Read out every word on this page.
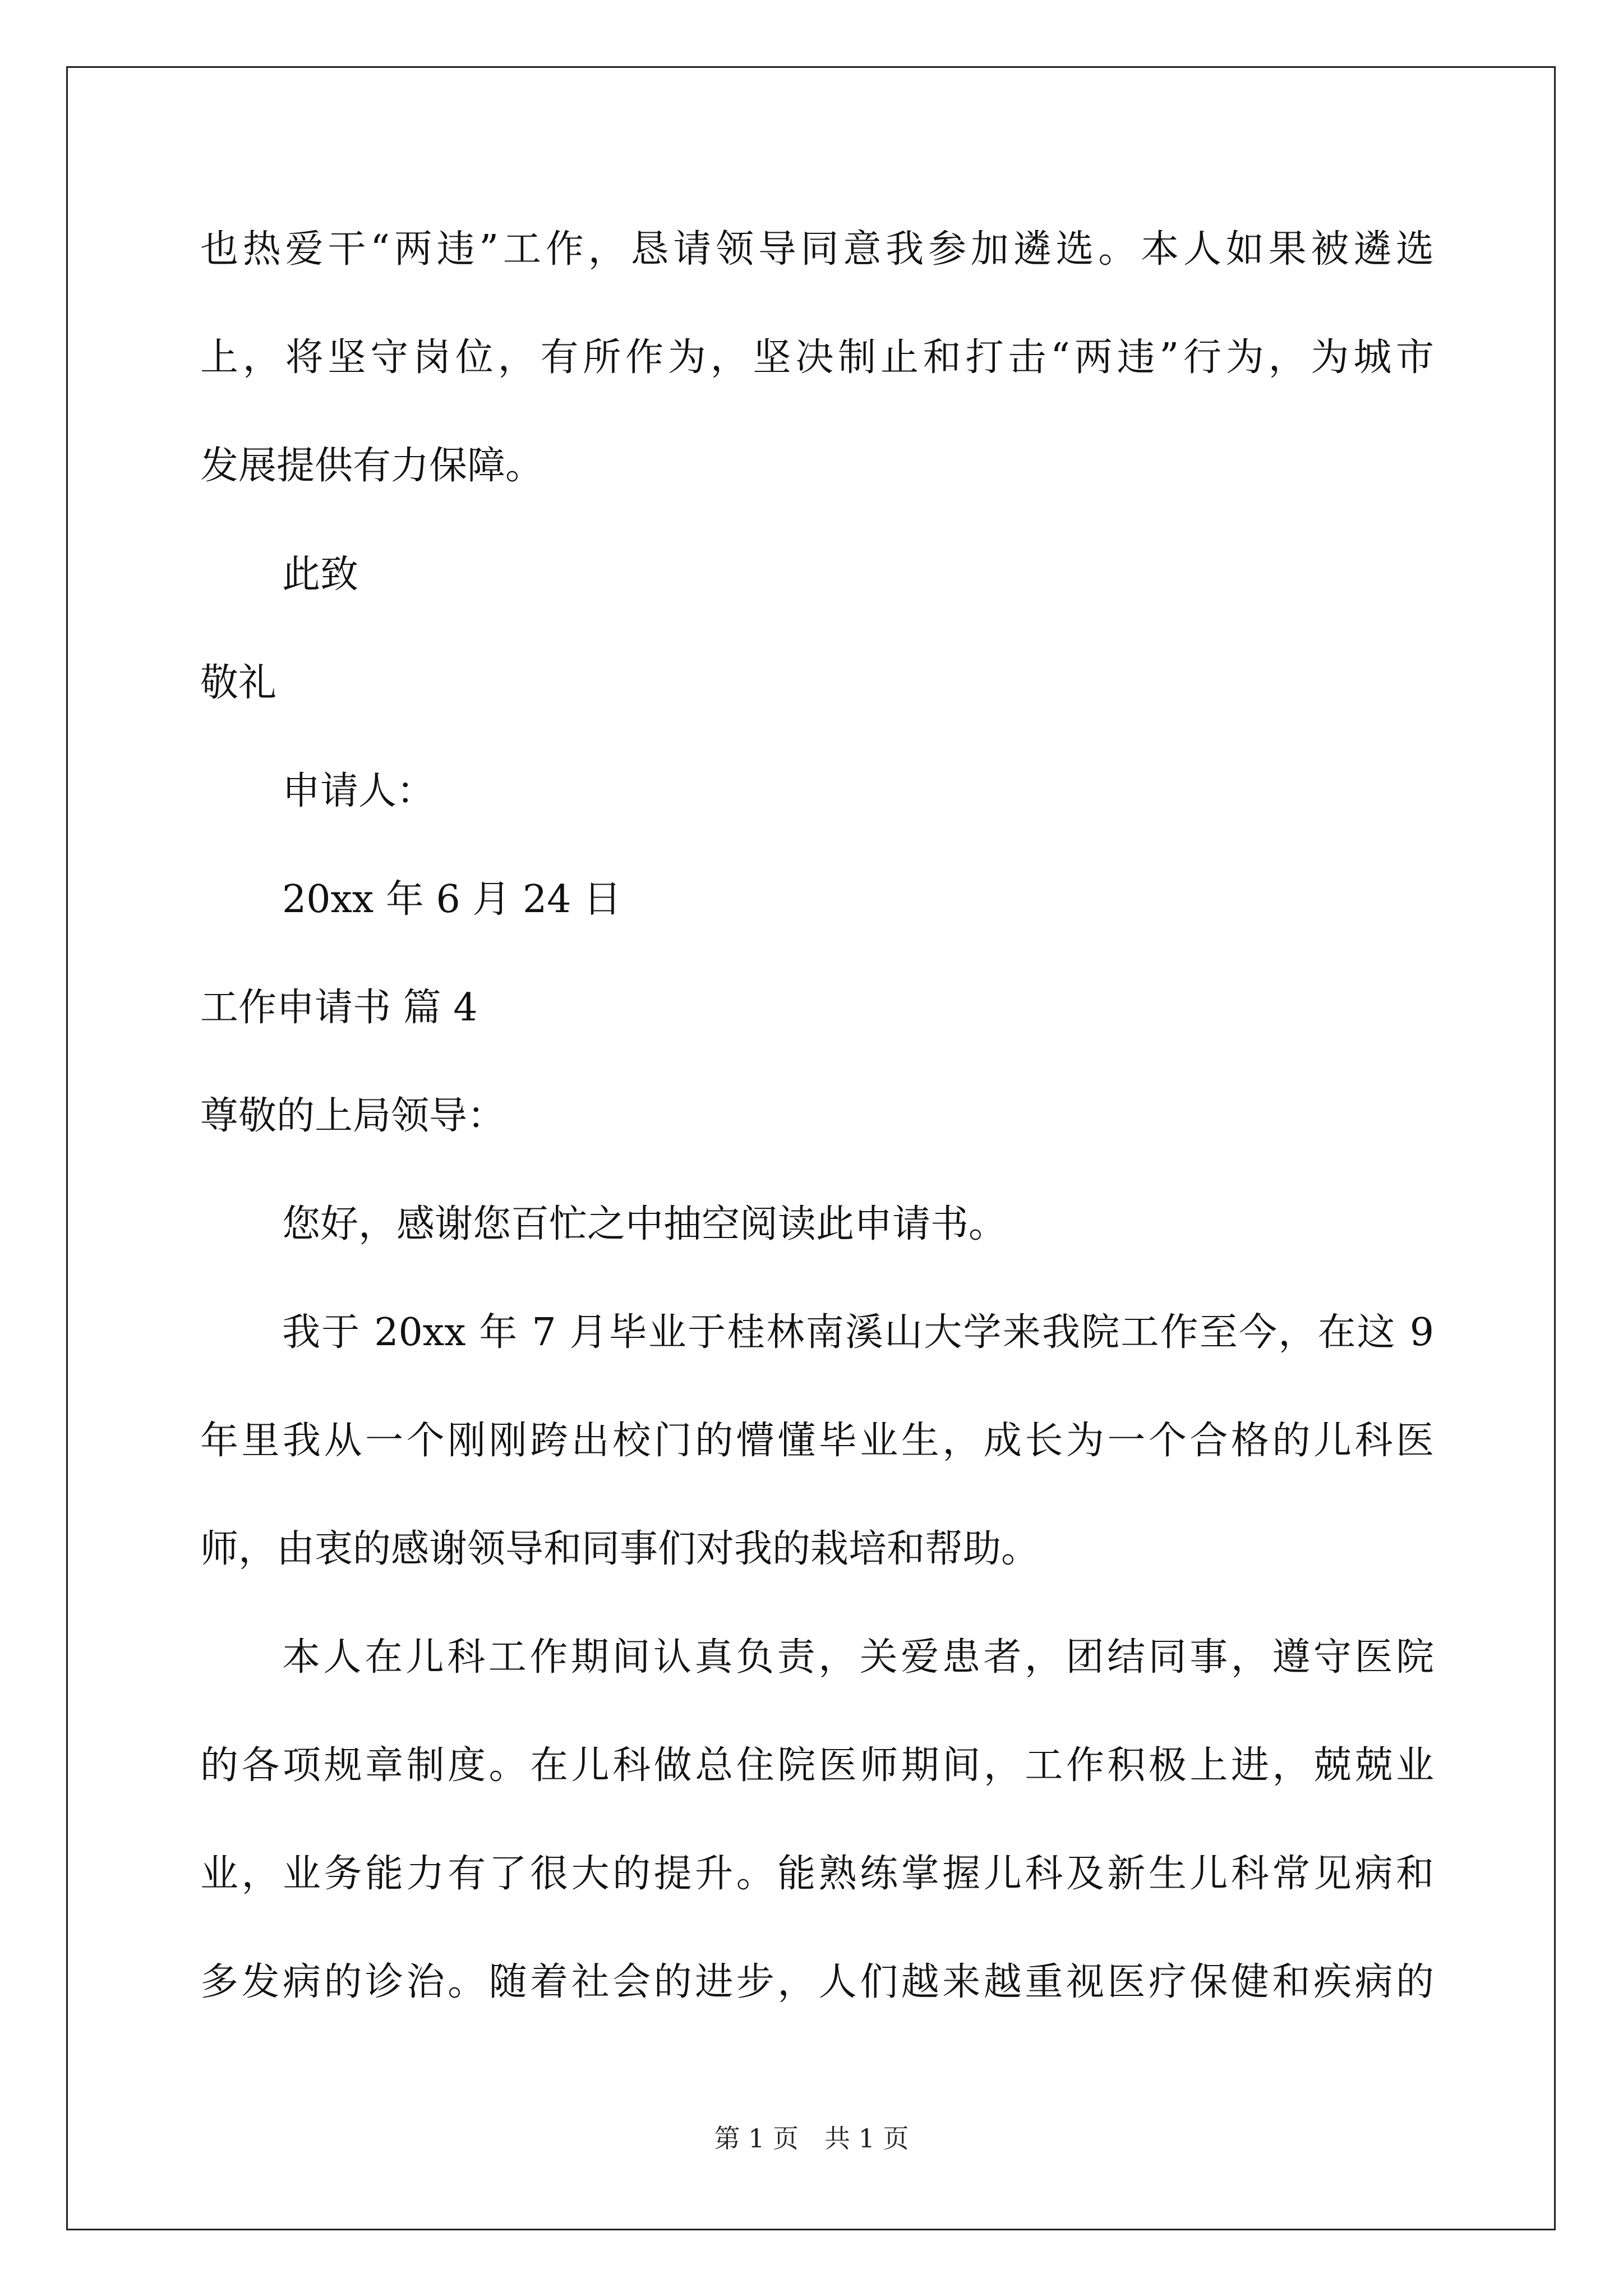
也热爱干“两违”工作，恳请领导同意我参加遴选。本人如果被遴选
上，将坚守岗位，有所作为，坚决制止和打击“两违”行为，为城市
发展提供有力保障。
此致
敬礼
申请人：
20xx 年 6 月 24 日
工作申请书 篇 4
尊敬的上局领导：
您好，感谢您百忙之中抽空阅读此申请书。
我于 20xx 年 7 月毕业于桂林南溪山大学来我院工作至今，在这 9
年里我从一个刚刚跨出校门的懵懂毕业生，成长为一个合格的儿科医
师，由衷的感谢领导和同事们对我的栽培和帮助。
本人在儿科工作期间认真负责，关爱患者，团结同事，遵守医院
的各项规章制度。在儿科做总住院医师期间，工作积极上进，兢兢业
业，业务能力有了很大的提升。能熟练掌握儿科及新生儿科常见病和
多发病的诊治。随着社会的进步，人们越来越重视医疗保健和疾病的
第 1 页　共 1 页
